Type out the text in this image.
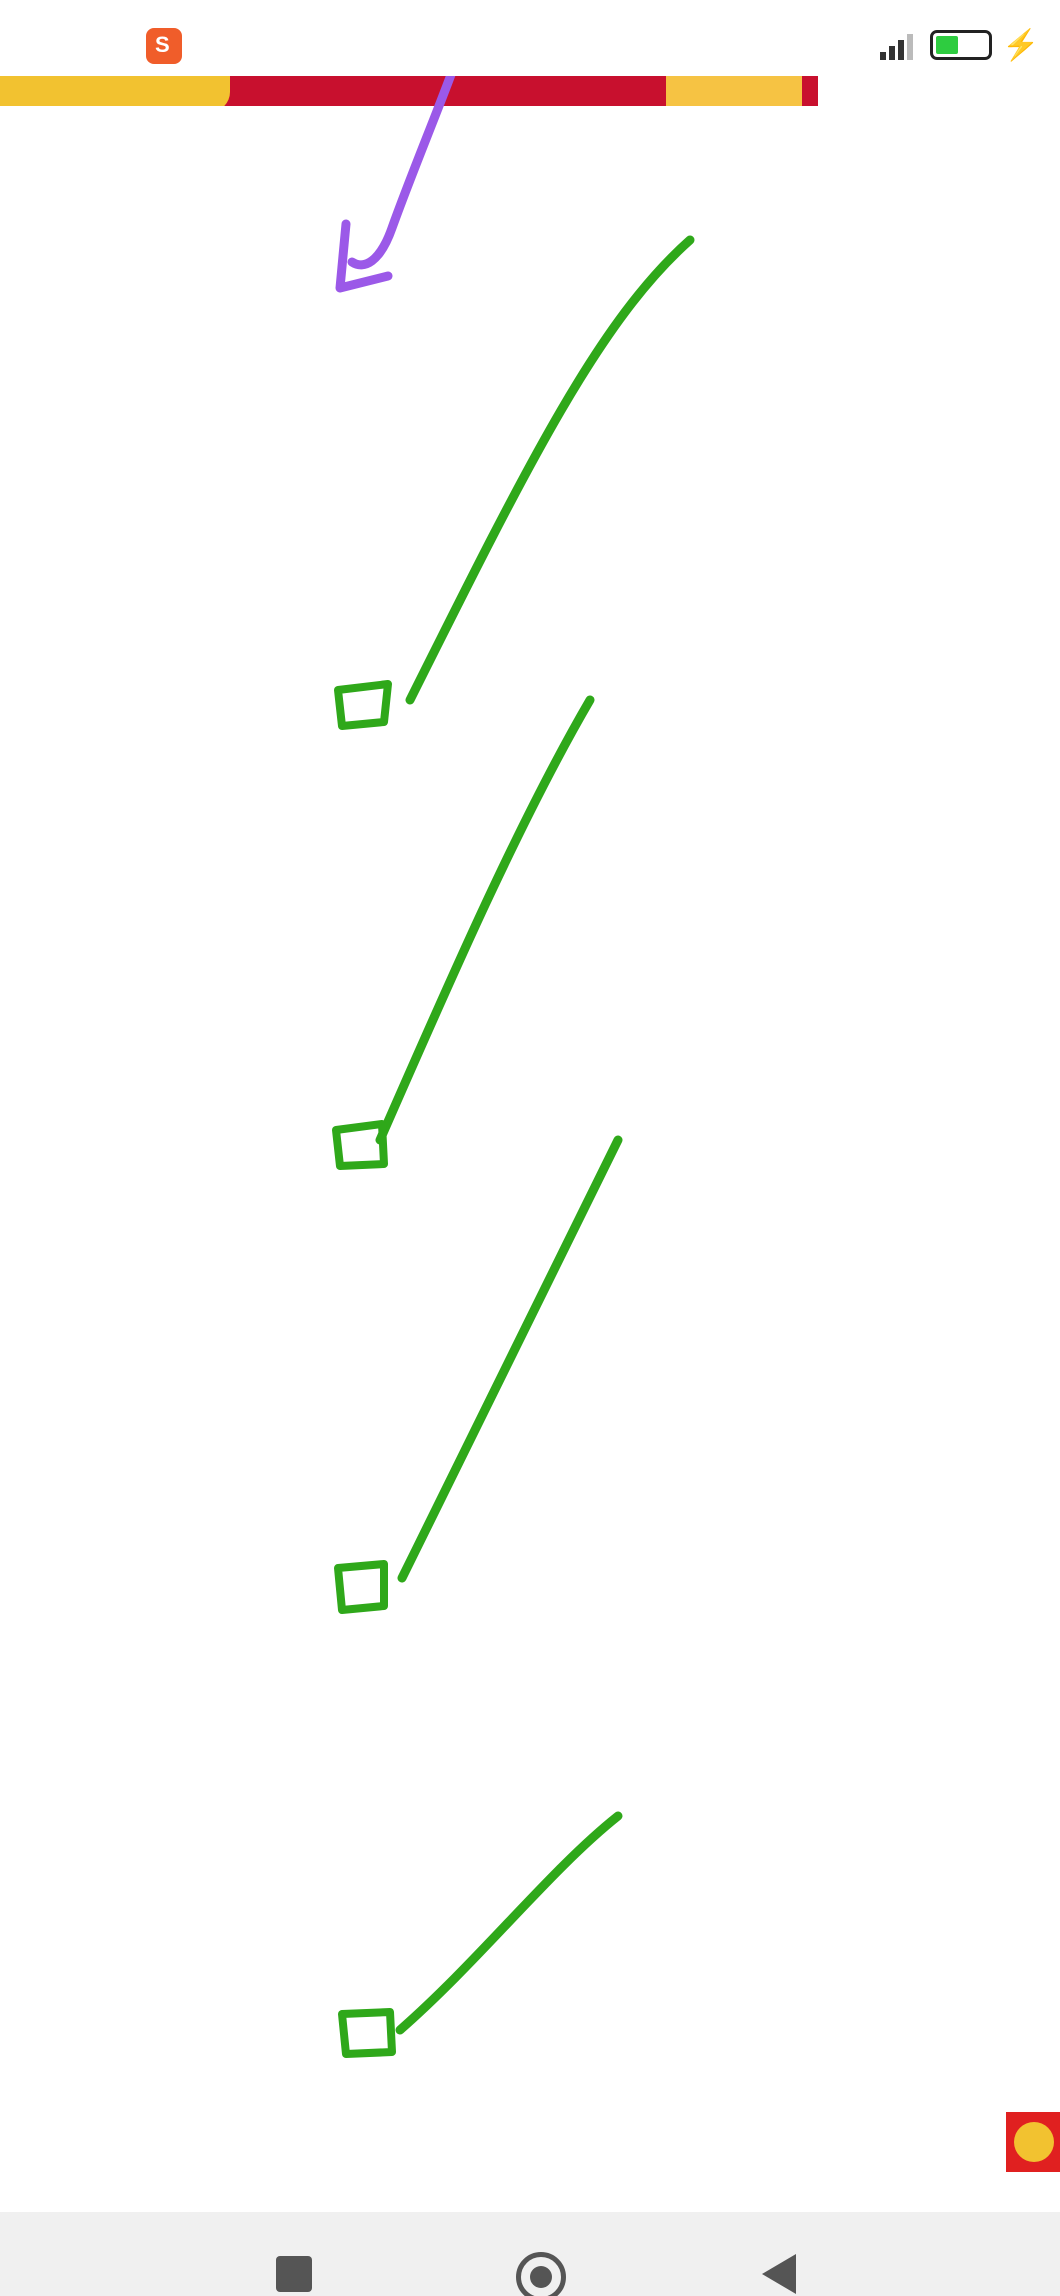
S	⚡
